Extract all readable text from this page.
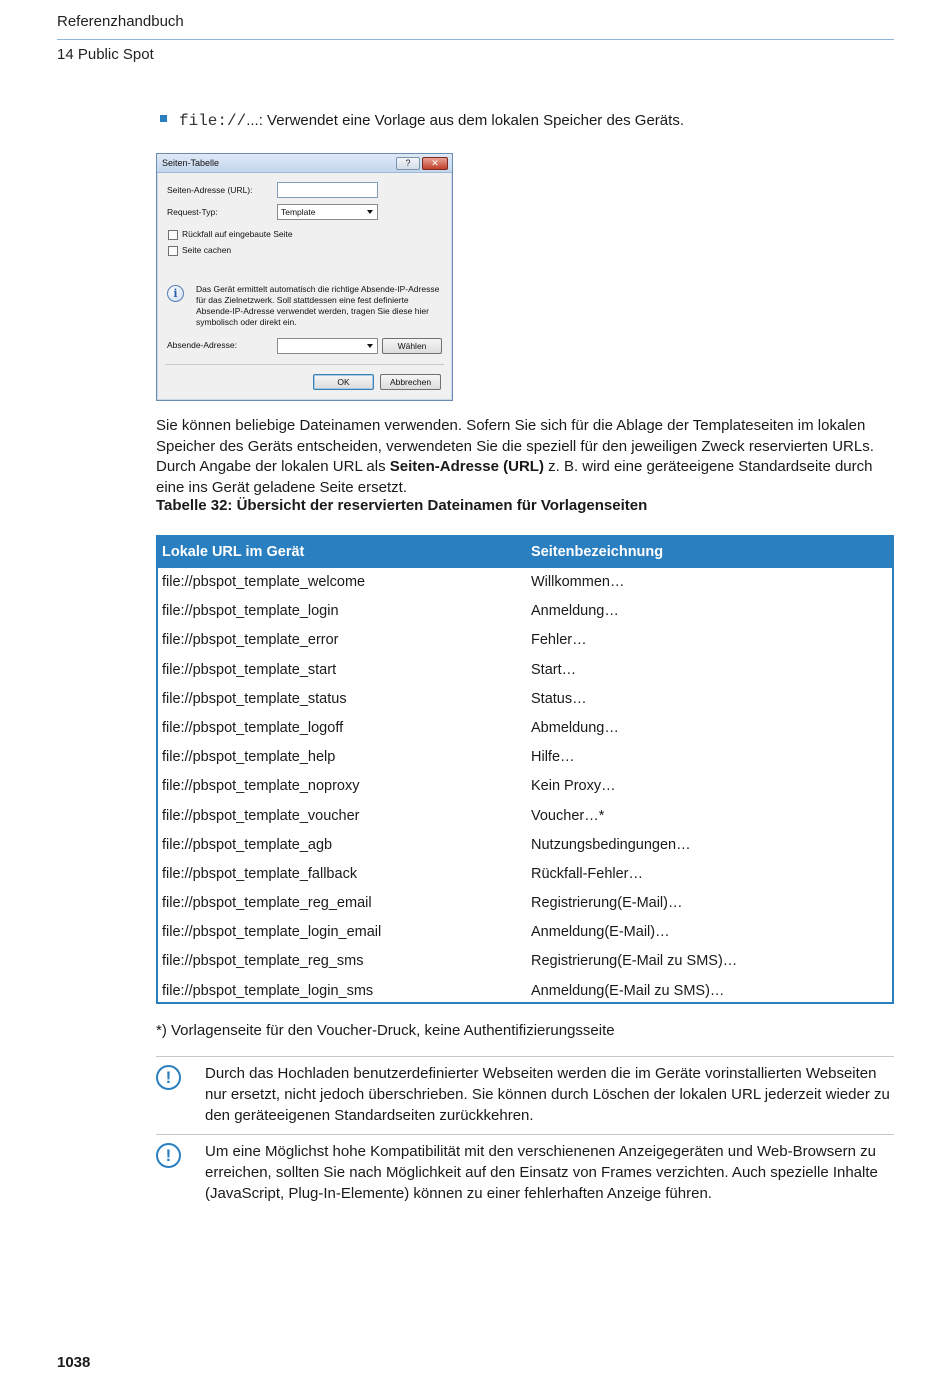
Referenzhandbuch
14 Public Spot
file://...: Verwendet eine Vorlage aus dem lokalen Speicher des Geräts.
Seiten-Tabelle	?	✕
Seiten-Adresse (URL):
Request-Typ:	Template
Rückfall auf eingebaute Seite
Seite cachen
i	Das Gerät ermittelt automatisch die richtige Absende-IP-Adresse für das Zielnetzwerk. Soll stattdessen eine fest definierte Absende-IP-Adresse verwendet werden, tragen Sie diese hier symbolisch oder direkt ein.
Absende-Adresse:	Wählen
OK	Abbrechen

Sie können beliebige Dateinamen verwenden. Sofern Sie sich für die Ablage der Templateseiten im lokalen Speicher des Geräts entscheiden, verwendeten Sie die speziell für den jeweiligen Zweck reservierten URLs. Durch Angabe der lokalen URL als Seiten-Adresse (URL) z. B. wird eine geräteeigene Standardseite durch eine ins Gerät geladene Seite ersetzt.

Tabelle 32: Übersicht der reservierten Dateinamen für Vorlagenseiten
Lokale URL im Gerät	Seitenbezeichnung
file://pbspot_template_welcome	Willkommen…
file://pbspot_template_login	Anmeldung…
file://pbspot_template_error	Fehler…
file://pbspot_template_start	Start…
file://pbspot_template_status	Status…
file://pbspot_template_logoff	Abmeldung…
file://pbspot_template_help	Hilfe…
file://pbspot_template_noproxy	Kein Proxy…
file://pbspot_template_voucher	Voucher…*
file://pbspot_template_agb	Nutzungsbedingungen…
file://pbspot_template_fallback	Rückfall-Fehler…
file://pbspot_template_reg_email	Registrierung(E-Mail)…
file://pbspot_template_login_email	Anmeldung(E-Mail)…
file://pbspot_template_reg_sms	Registrierung(E-Mail zu SMS)…
file://pbspot_template_login_sms	Anmeldung(E-Mail zu SMS)…
*) Vorlagenseite für den Voucher-Druck, keine Authentifizierungsseite
!	Durch das Hochladen benutzerdefinierter Webseiten werden die im Geräte vorinstallierten Webseiten nur ersetzt, nicht jedoch überschrieben. Sie können durch Löschen der lokalen URL jederzeit wieder zu den geräteeigenen Standardseiten zurückkehren.
!	Um eine Möglichst hohe Kompatibilität mit den verschienenen Anzeigegeräten und Web-Browsern zu erreichen, sollten Sie nach Möglichkeit auf den Einsatz von Frames verzichten. Auch spezielle Inhalte (JavaScript, Plug-In-Elemente) können zu einer fehlerhaften Anzeige führen.
1038
